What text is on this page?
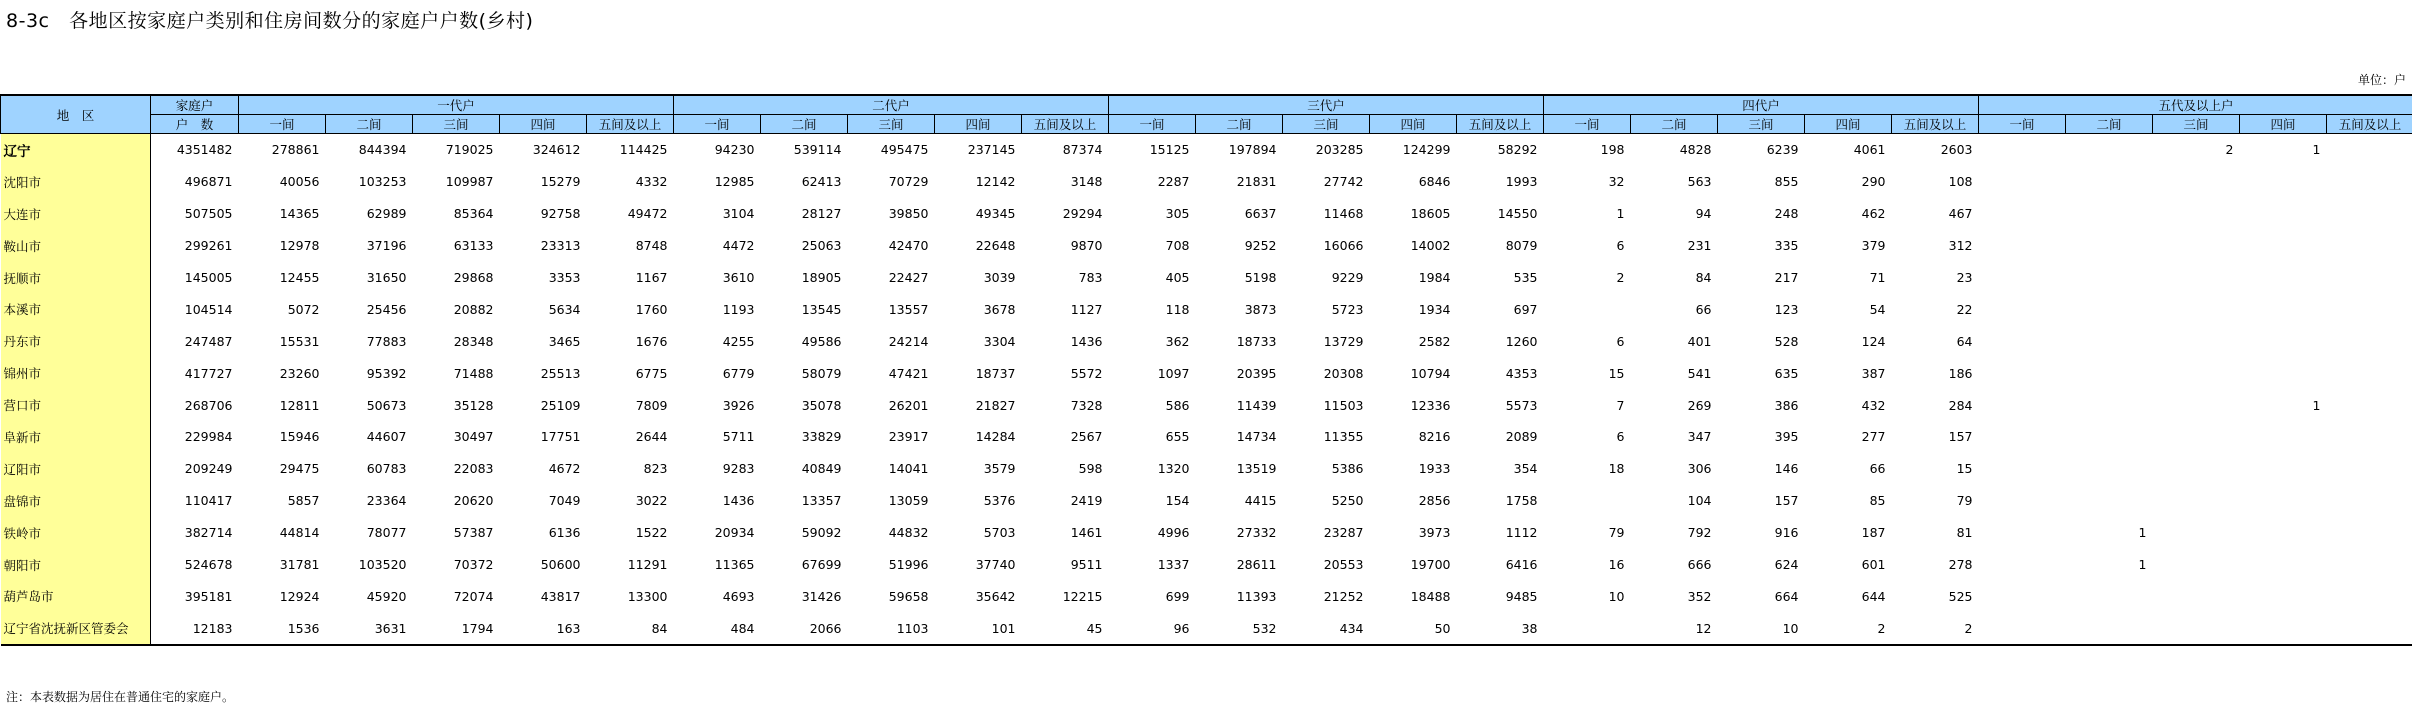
8-3c   各地区按家庭户类别和住房间数分的家庭户户数(乡村)
单位：户
地　区	家庭户	一代户					二代户					三代户					四代户					五代及以上户				
	户　数	一间	二间	三间	四间	五间及以上	一间	二间	三间	四间	五间及以上	一间	二间	三间	四间	五间及以上	一间	二间	三间	四间	五间及以上	一间	二间	三间	四间	五间及以上
辽宁	4351482	278861	844394	719025	324612	114425	94230	539114	495475	237145	87374	15125	197894	203285	124299	58292	198	4828	6239	4061	2603			2	1	
沈阳市	496871	40056	103253	109987	15279	4332	12985	62413	70729	12142	3148	2287	21831	27742	6846	1993	32	563	855	290	108					
大连市	507505	14365	62989	85364	92758	49472	3104	28127	39850	49345	29294	305	6637	11468	18605	14550	1	94	248	462	467					
鞍山市	299261	12978	37196	63133	23313	8748	4472	25063	42470	22648	9870	708	9252	16066	14002	8079	6	231	335	379	312					
抚顺市	145005	12455	31650	29868	3353	1167	3610	18905	22427	3039	783	405	5198	9229	1984	535	2	84	217	71	23					
本溪市	104514	5072	25456	20882	5634	1760	1193	13545	13557	3678	1127	118	3873	5723	1934	697		66	123	54	22					
丹东市	247487	15531	77883	28348	3465	1676	4255	49586	24214	3304	1436	362	18733	13729	2582	1260	6	401	528	124	64					
锦州市	417727	23260	95392	71488	25513	6775	6779	58079	47421	18737	5572	1097	20395	20308	10794	4353	15	541	635	387	186					
营口市	268706	12811	50673	35128	25109	7809	3926	35078	26201	21827	7328	586	11439	11503	12336	5573	7	269	386	432	284				1	
阜新市	229984	15946	44607	30497	17751	2644	5711	33829	23917	14284	2567	655	14734	11355	8216	2089	6	347	395	277	157					
辽阳市	209249	29475	60783	22083	4672	823	9283	40849	14041	3579	598	1320	13519	5386	1933	354	18	306	146	66	15					
盘锦市	110417	5857	23364	20620	7049	3022	1436	13357	13059	5376	2419	154	4415	5250	2856	1758		104	157	85	79					
铁岭市	382714	44814	78077	57387	6136	1522	20934	59092	44832	5703	1461	4996	27332	23287	3973	1112	79	792	916	187	81		1			
朝阳市	524678	31781	103520	70372	50600	11291	11365	67699	51996	37740	9511	1337	28611	20553	19700	6416	16	666	624	601	278		1			
葫芦岛市	395181	12924	45920	72074	43817	13300	4693	31426	59658	35642	12215	699	11393	21252	18488	9485	10	352	664	644	525					
辽宁省沈抚新区管委会	12183	1536	3631	1794	163	84	484	2066	1103	101	45	96	532	434	50	38		12	10	2	2					
注：本表数据为居住在普通住宅的家庭户。
